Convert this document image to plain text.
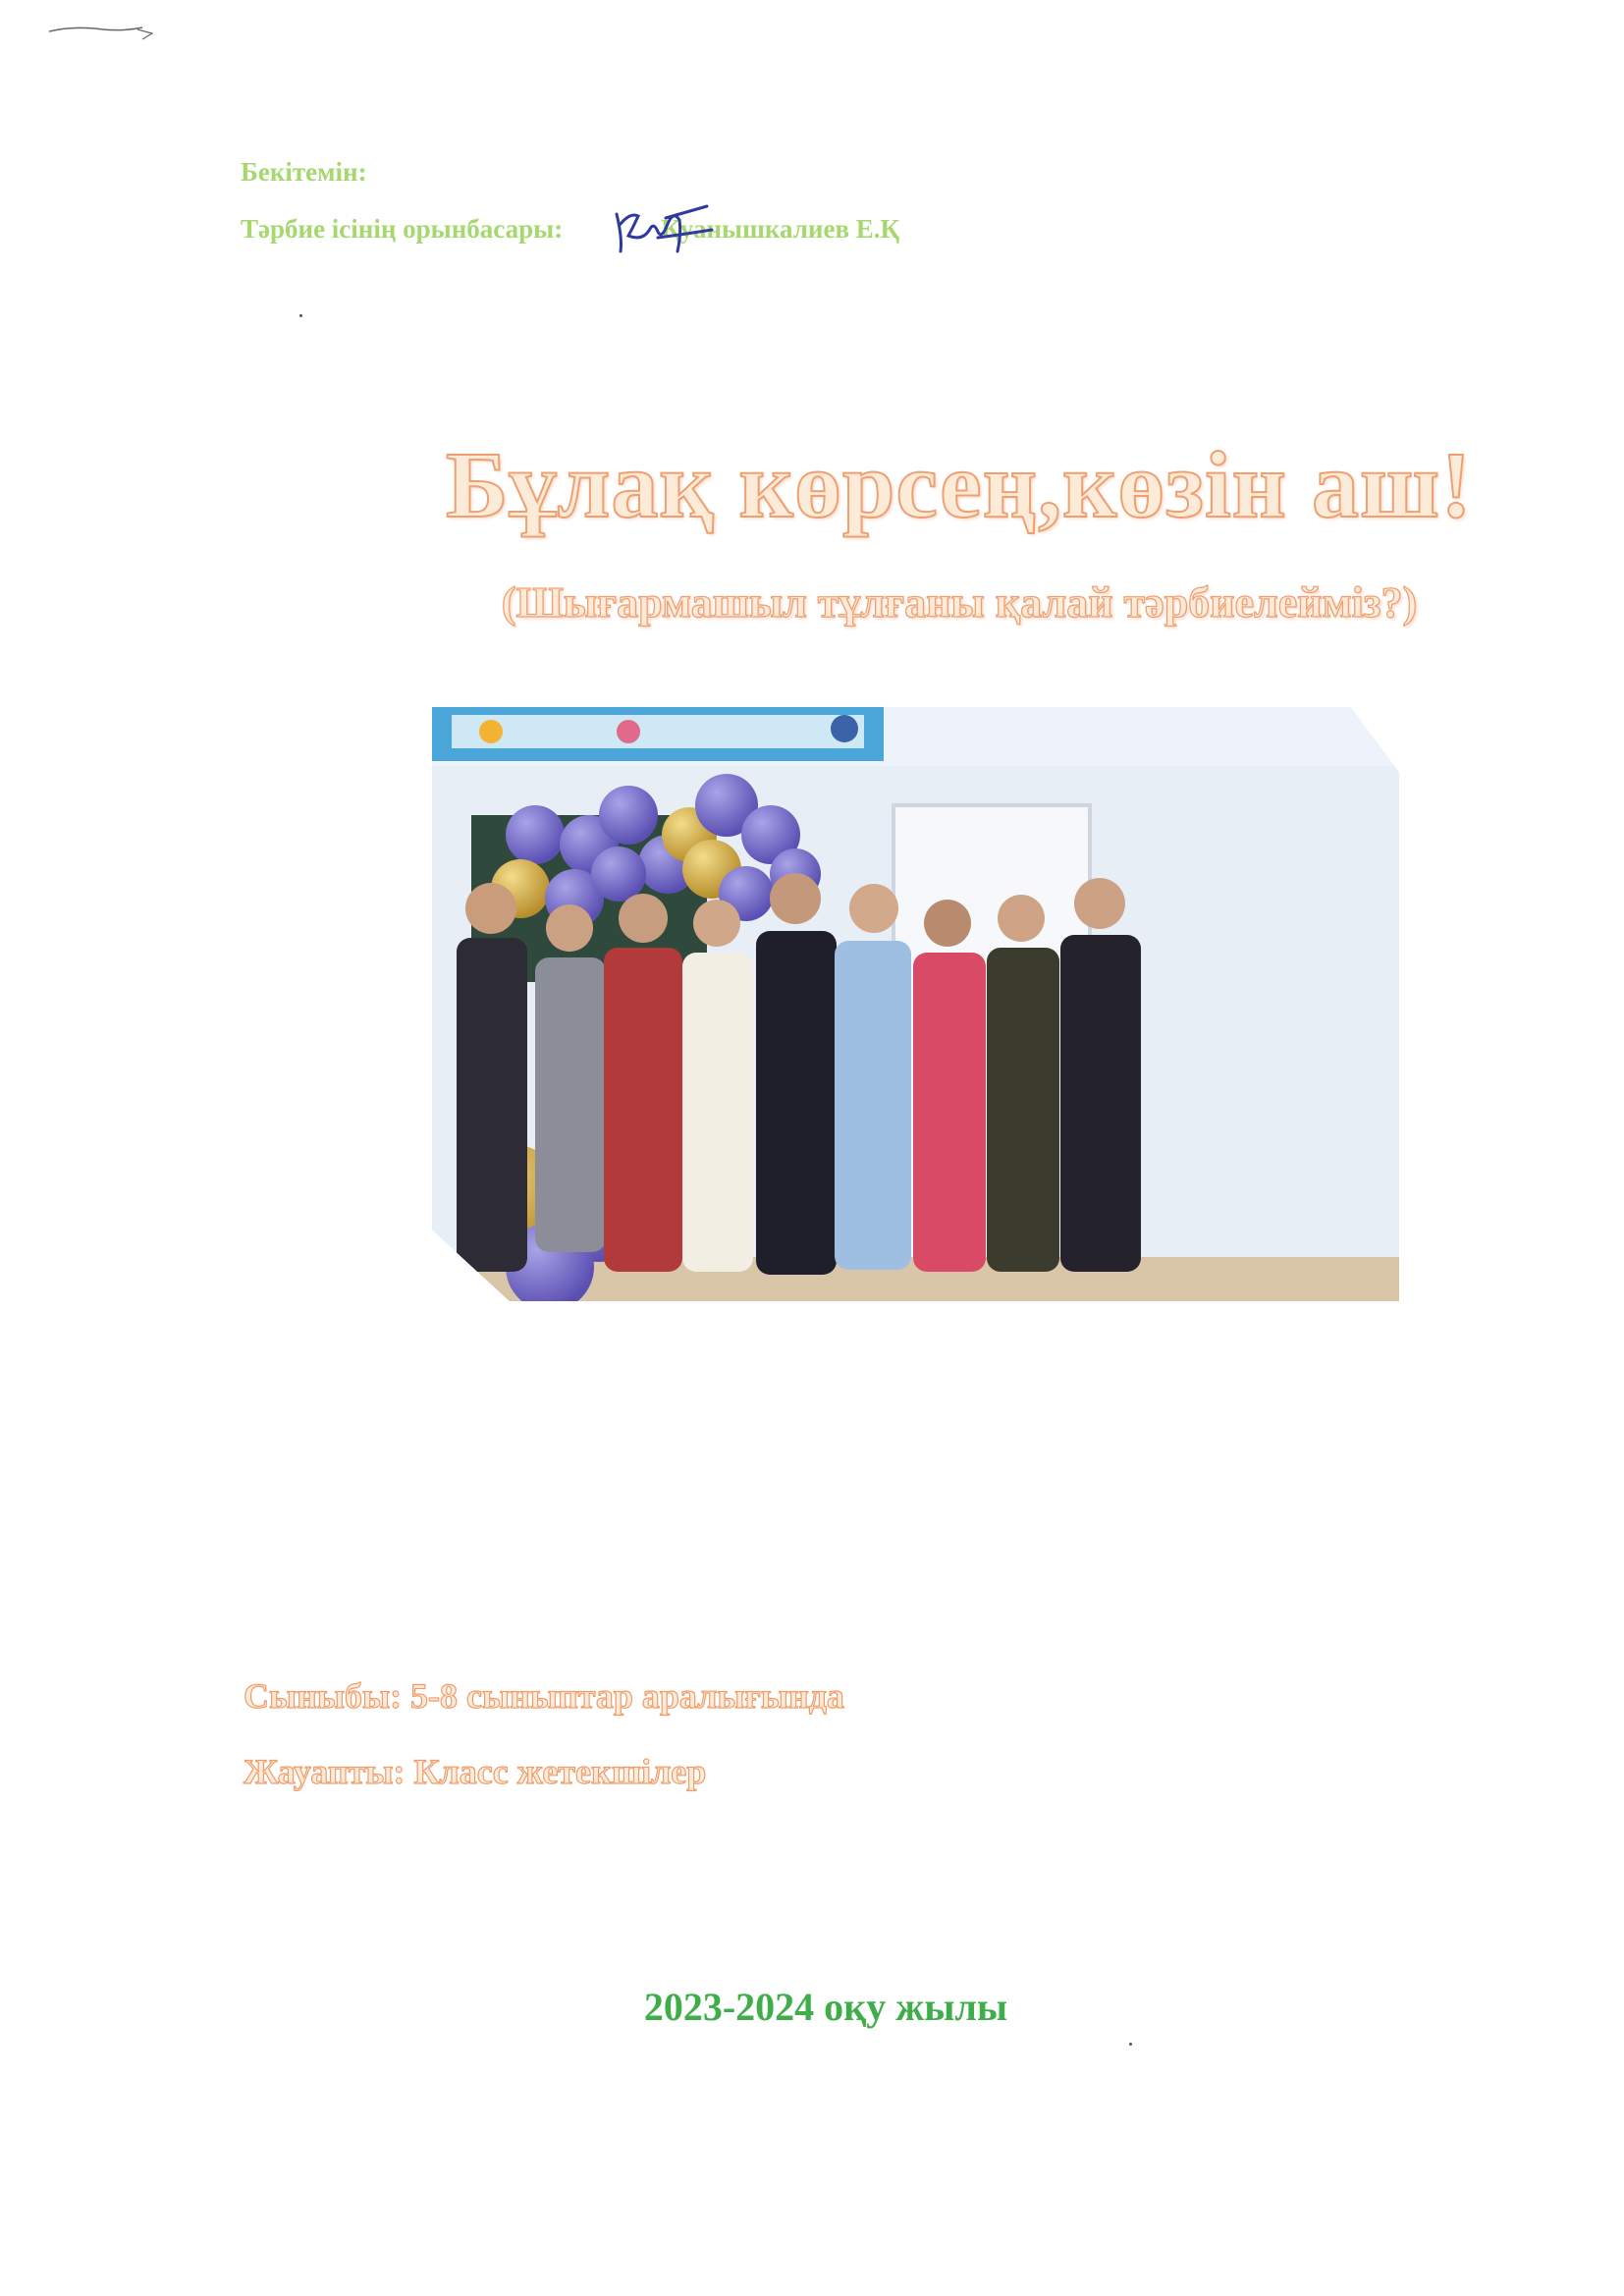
Бекітемін:
Тәрбие ісінің орынбасары:	Қуанышкалиев Е.Қ
Бұлақ көрсең,көзін аш!
(Шығармашыл тұлғаны қалай тәрбиелейміз?)
Сыныбы: 5-8 сыныптар аралығында
Жауапты: Класс жетекшілер
2023-2024 оқу жылы
